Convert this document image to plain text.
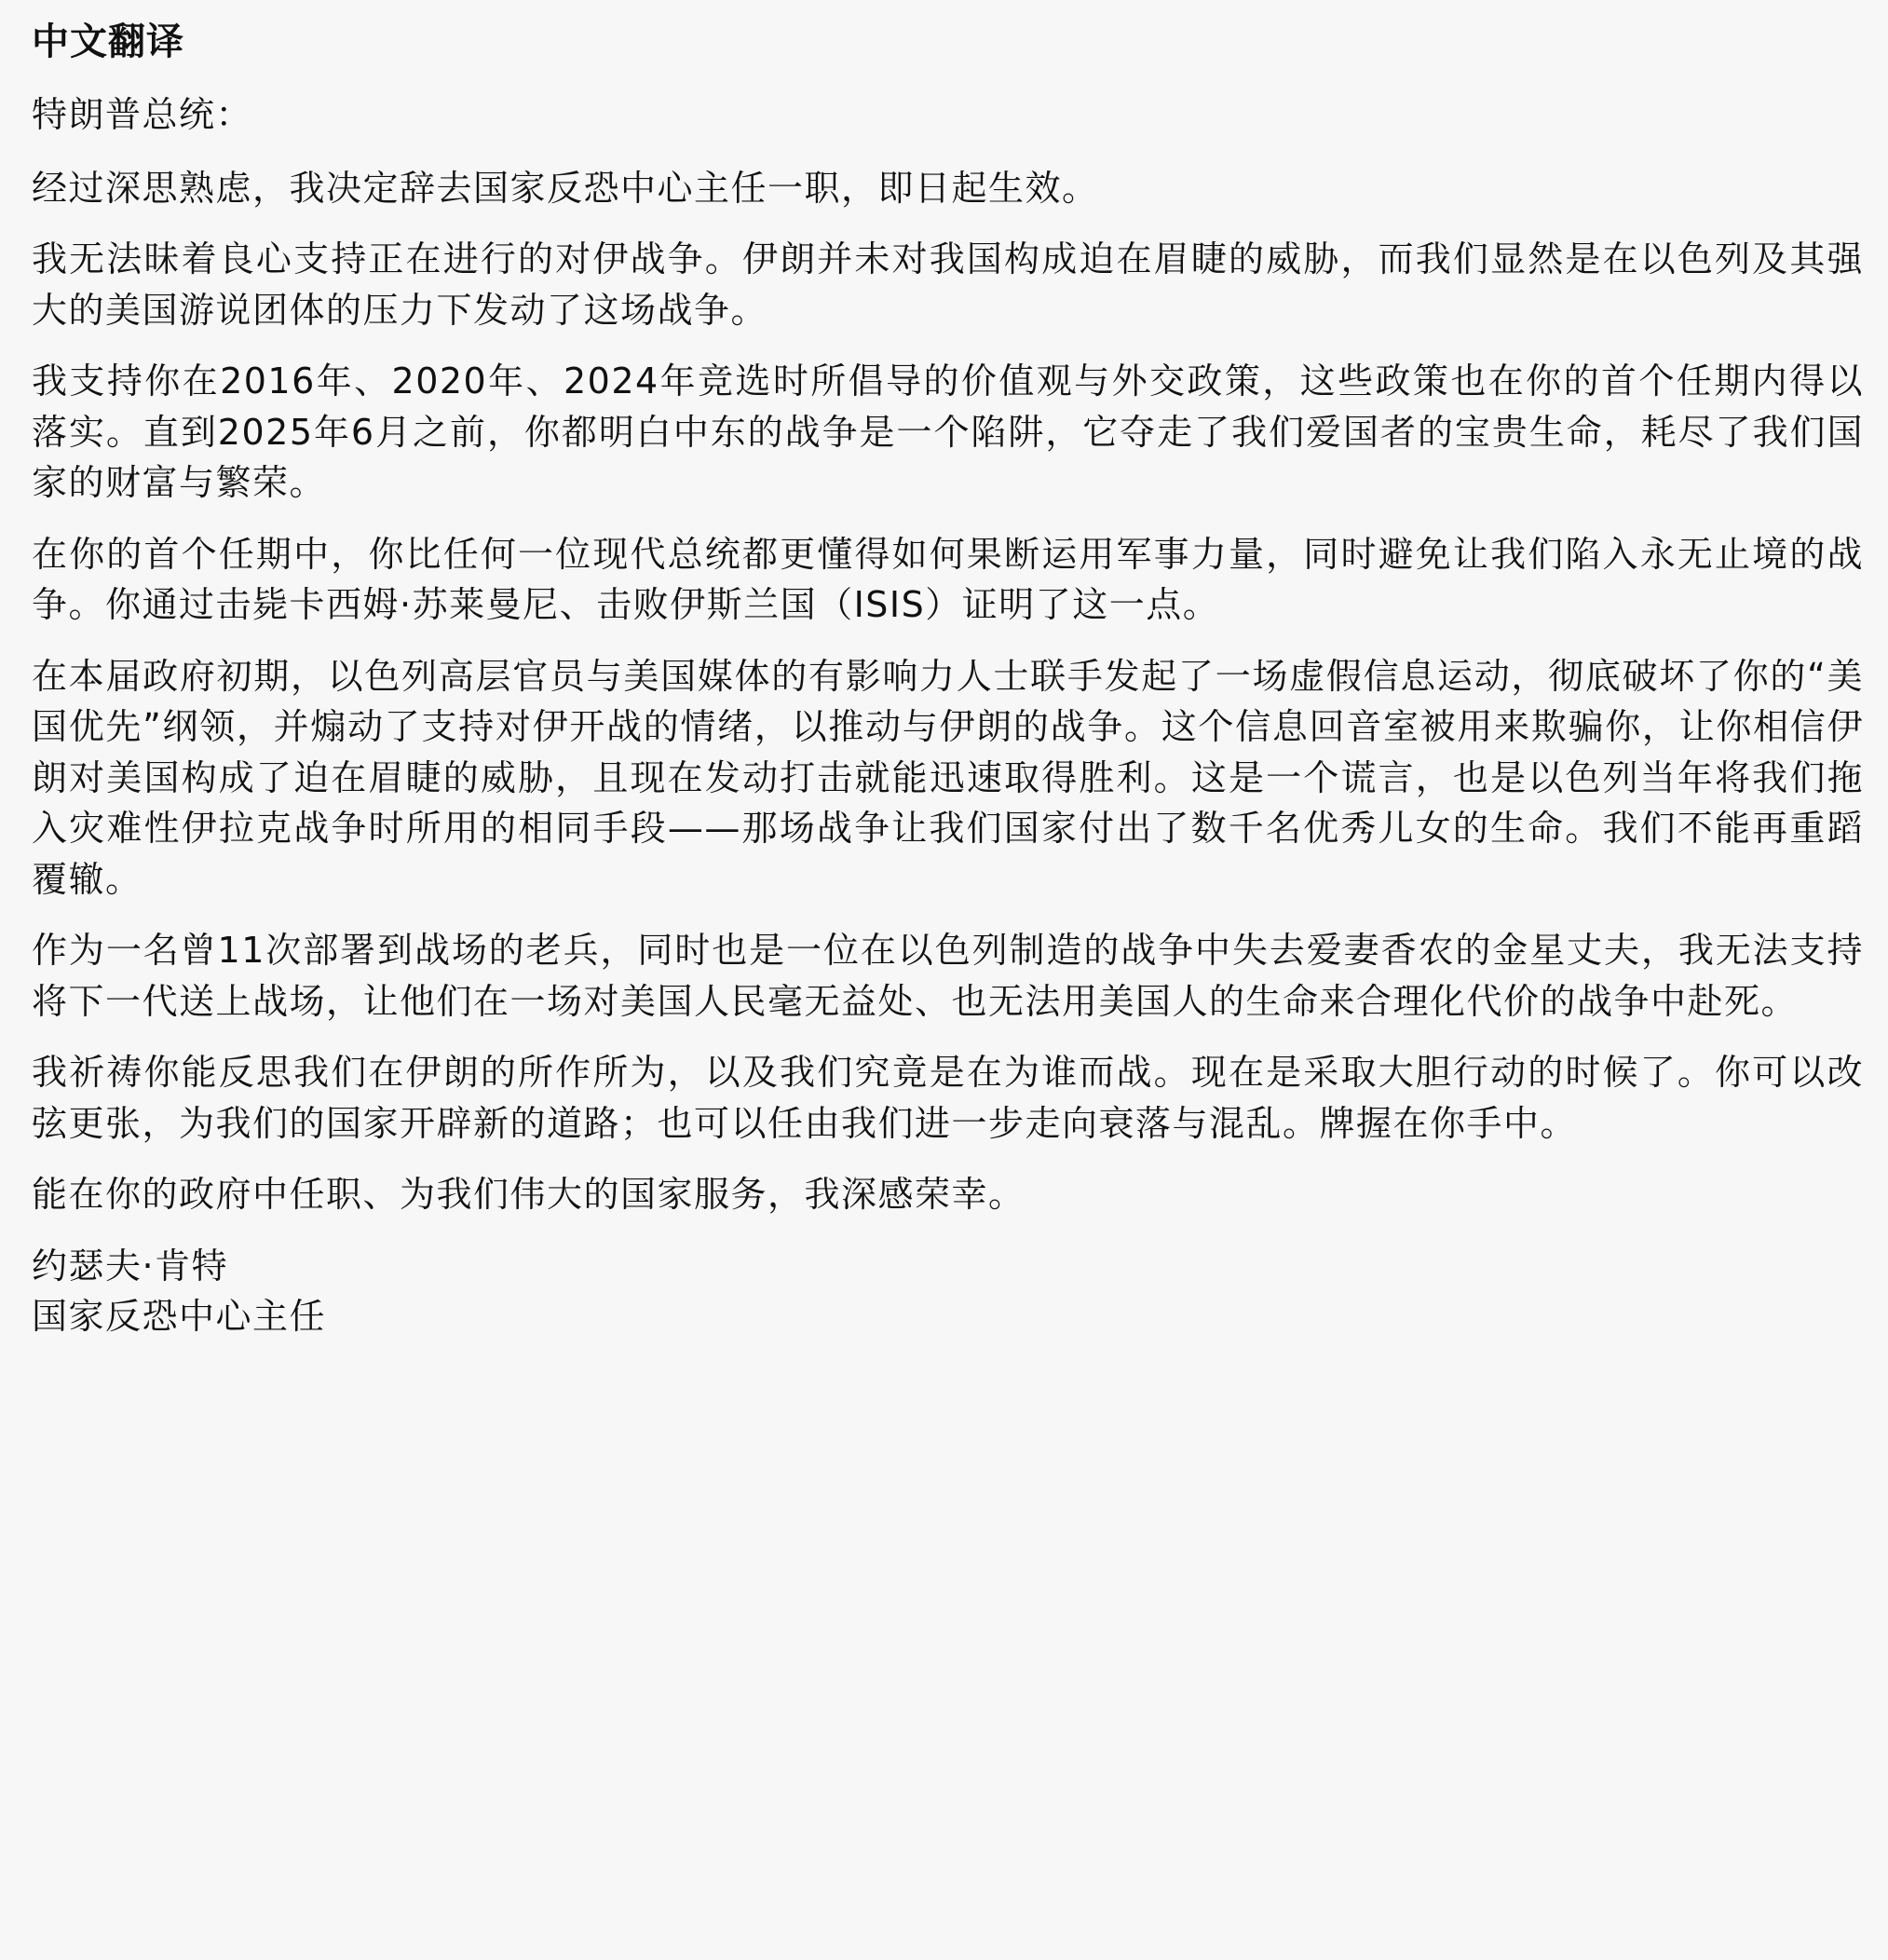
中文翻译

特朗普总统：

经过深思熟虑，我决定辞去国家反恐中心主任一职，即日起生效。

我无法昧着良心支持正在进行的对伊战争。伊朗并未对我国构成迫在眉睫的威胁，而我们显然是在以色列及其强大的美国游说团体的压力下发动了这场战争。

我支持你在2016年、2020年、2024年竞选时所倡导的价值观与外交政策，这些政策也在你的首个任期内得以落实。直到2025年6月之前，你都明白中东的战争是一个陷阱，它夺走了我们爱国者的宝贵生命，耗尽了我们国家的财富与繁荣。

在你的首个任期中，你比任何一位现代总统都更懂得如何果断运用军事力量，同时避免让我们陷入永无止境的战争。你通过击毙卡西姆·苏莱曼尼、击败伊斯兰国（ISIS）证明了这一点。

在本届政府初期，以色列高层官员与美国媒体的有影响力人士联手发起了一场虚假信息运动，彻底破坏了你的“美国优先”纲领，并煽动了支持对伊开战的情绪，以推动与伊朗的战争。这个信息回音室被用来欺骗你，让你相信伊朗对美国构成了迫在眉睫的威胁，且现在发动打击就能迅速取得胜利。这是一个谎言，也是以色列当年将我们拖入灾难性伊拉克战争时所用的相同手段——那场战争让我们国家付出了数千名优秀儿女的生命。我们不能再重蹈覆辙。

作为一名曾11次部署到战场的老兵，同时也是一位在以色列制造的战争中失去爱妻香农的金星丈夫，我无法支持将下一代送上战场，让他们在一场对美国人民毫无益处、也无法用美国人的生命来合理化代价的战争中赴死。

我祈祷你能反思我们在伊朗的所作所为，以及我们究竟是在为谁而战。现在是采取大胆行动的时候了。你可以改弦更张，为我们的国家开辟新的道路；也可以任由我们进一步走向衰落与混乱。牌握在你手中。

能在你的政府中任职、为我们伟大的国家服务，我深感荣幸。

约瑟夫·肯特

国家反恐中心主任
